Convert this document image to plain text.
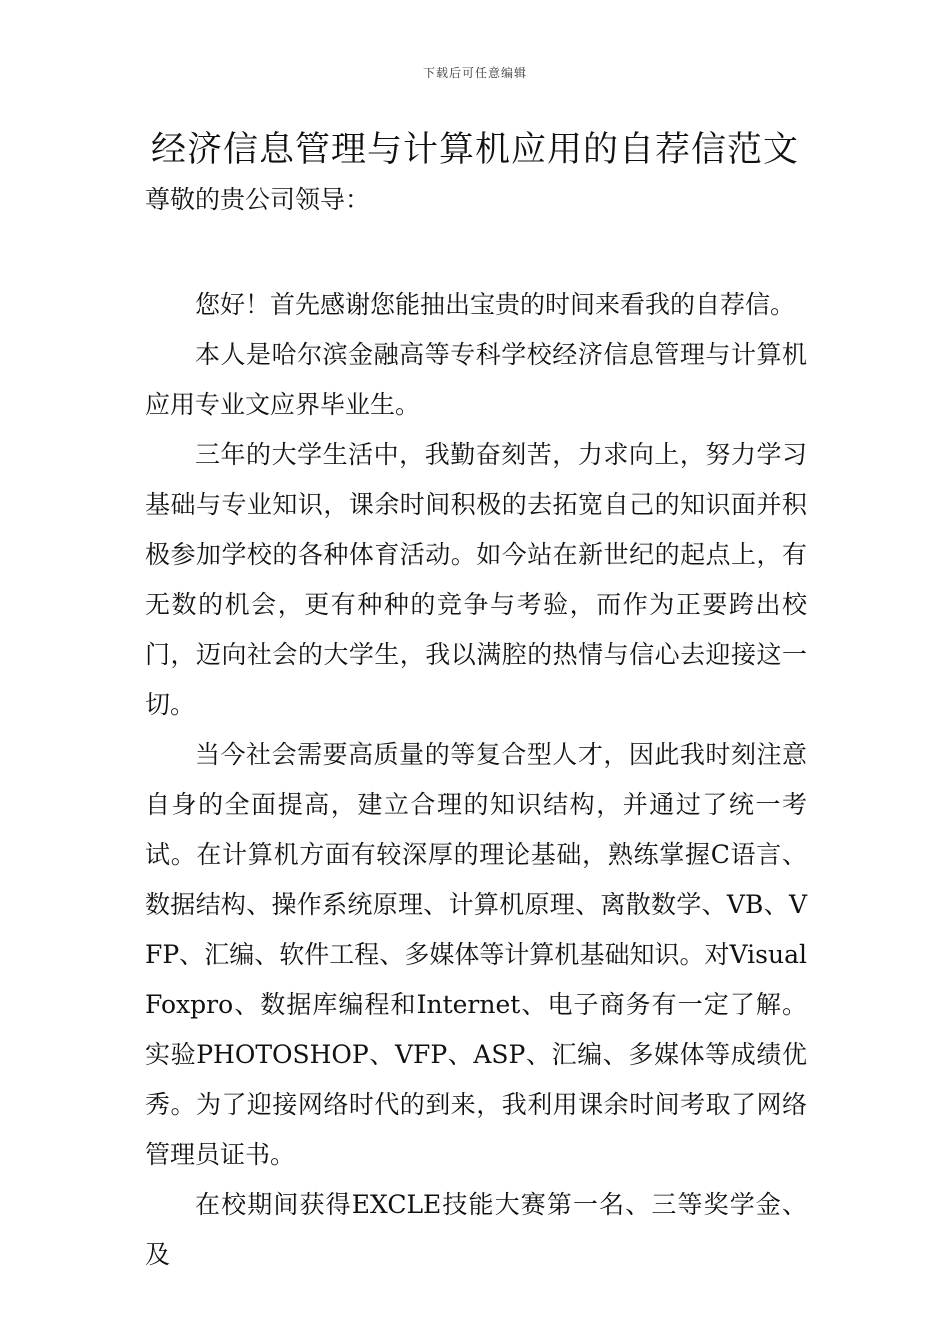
下载后可任意编辑
经济信息管理与计算机应用的自荐信范文

尊敬的贵公司领导：

您好！首先感谢您能抽出宝贵的时间来看我的自荐信。

本人是哈尔滨金融高等专科学校经济信息管理与计算机应用专业文应界毕业生。

三年的大学生活中，我勤奋刻苦，力求向上，努力学习基础与专业知识，课余时间积极的去拓宽自己的知识面并积极参加学校的各种体育活动。如今站在新世纪的起点上，有无数的机会，更有种种的竞争与考验，而作为正要跨出校门，迈向社会的大学生，我以满腔的热情与信心去迎接这一切。

当今社会需要高质量的等复合型人才，因此我时刻注意自身的全面提高，建立合理的知识结构，并通过了统一考试。在计算机方面有较深厚的理论基础，熟练掌握C语言、数据结构、操作系统原理、计算机原理、离散数学、VB、VFP、汇编、软件工程、多媒体等计算机基础知识。对VisualFoxpro、数据库编程和Internet、电子商务有一定了解。实验PHOTOSHOP、VFP、ASP、汇编、多媒体等成绩优秀。为了迎接网络时代的到来，我利用课余时间考取了网络管理员证书。

在校期间获得EXCLE技能大赛第一名、三等奖学金、及
